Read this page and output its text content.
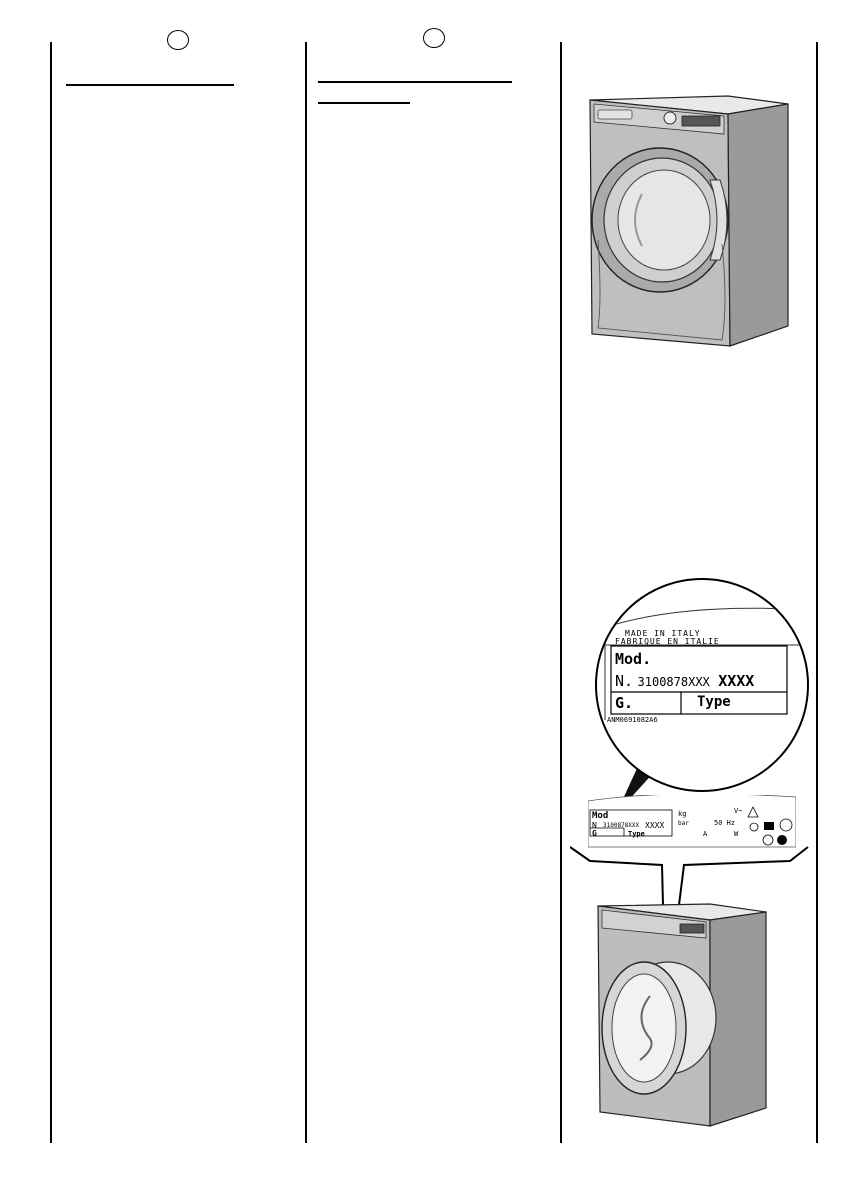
MADE IN ITALY
FABRIQUE EN ITALIE
Mod.
N. 3100878XXX XXXX
G.	Type
ANM0691082A6
Mod
N 3100878XXX XXXX
G	Type
kg
bar	50 Hz
A
V~
W
